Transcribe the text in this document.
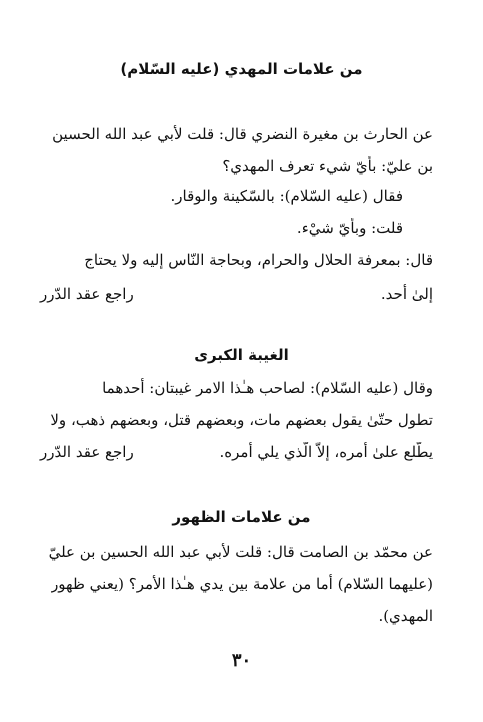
من علامات المهدي (عليه السّلام)
عن الحارث بن مغيرة النضري قال: قلت لأبي عبد الله الحسين
بن عليّ: بأيّ شيء تعرف المهدي؟
فقال (عليه السّلام): بالسّكينة والوقار.
قلت: وبأيّ شيْء.
قال: بمعرفة الحلال والحرام، وبحاجة النّاس إليه ولا يحتاج
إلىٰ أحد.
راجع عقد الدّرر
الغيبة الكبرى
وقال (عليه السّلام): لصاحب هـٰذا الامر غيبتان: أحدهما
تطول حتّىٰ يقول بعضهم مات، وبعضهم قتل، وبعضهم ذهب، ولا
يطّلع علىٰ أمره، إلاّ الّذي يلي أمره.
راجع عقد الدّرر
من علامات الظهور
عن محمّد بن الصامت قال: قلت لأبي عبد الله الحسين بن عليّ
(عليهما السّلام) أما من علامة بين يدي هـٰذا الأمر؟ (يعني ظهور
المهدي).
٣٠
